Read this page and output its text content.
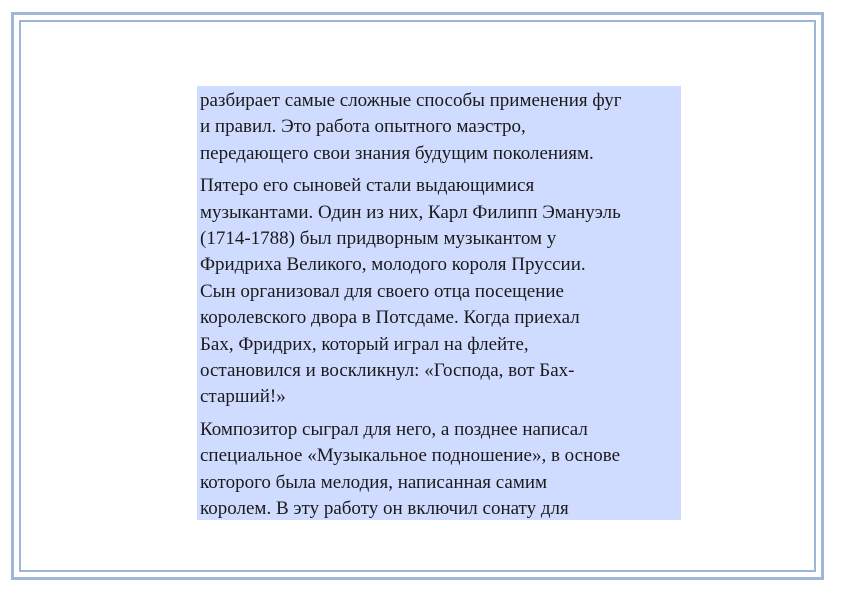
разбирает самые сложные способы применения фуг
и правил. Это работа опытного маэстро,
передающего свои знания будущим поколениям.

Пятеро его сыновей стали выдающимися
музыкантами. Один из них, Карл Филипп Эмануэль
(1714-1788) был придворным музыкантом у
Фридриха Великого, молодого короля Пруссии.
Сын организовал для своего отца посещение
королевского двора в Потсдаме. Когда приехал
Бах, Фридрих, который играл на флейте,
остановился и воскликнул: «Господа, вот Бах-
старший!»

Композитор сыграл для него, а позднее написал
специальное «Музыкальное подношение», в основе
которого была мелодия, написанная самим
королем. В эту работу он включил сонату для
